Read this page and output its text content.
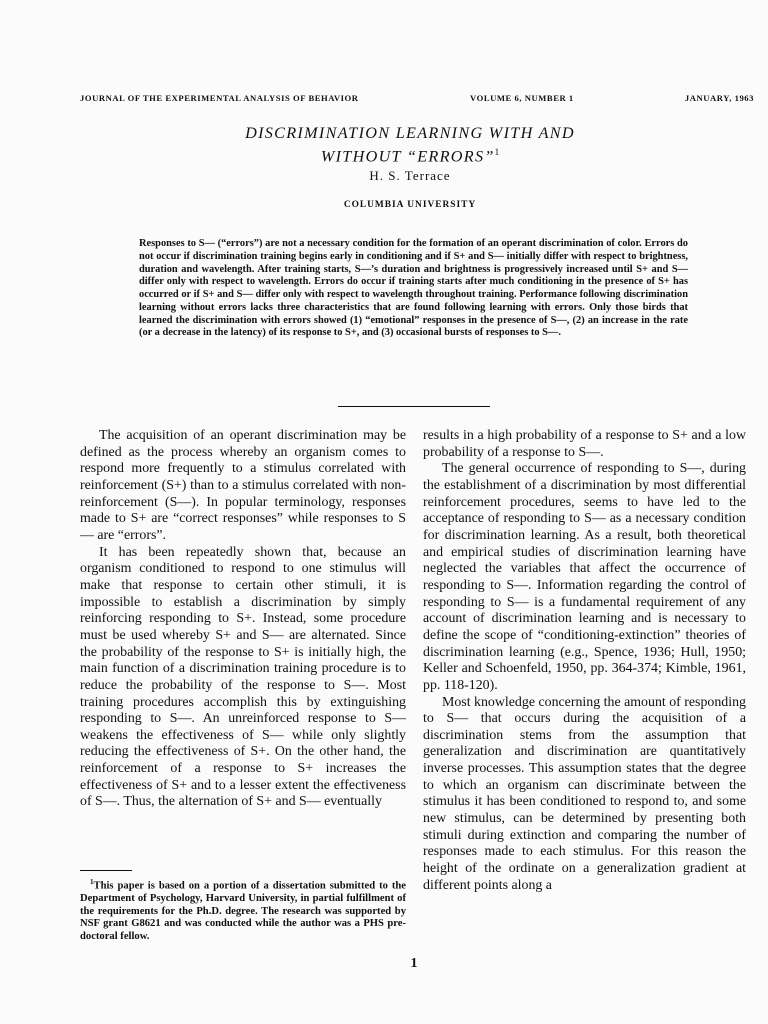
JOURNAL OF THE EXPERIMENTAL ANALYSIS OF BEHAVIOR	VOLUME 6, NUMBER 1	JANUARY, 1963
DISCRIMINATION LEARNING WITH AND
WITHOUT “ERRORS”$^1$
H. S. Terrace
COLUMBIA UNIVERSITY

Responses to S— (“errors”) are not a necessary condition for the formation of an operant discrimination of color. Errors do not occur if discrimination training begins early in conditioning and if S+ and S— initially differ with respect to brightness, duration and wavelength. After training starts, S—’s duration and brightness is progressively increased until S+ and S— differ only with respect to wavelength. Errors do occur if training starts after much conditioning in the presence of S+ has occurred or if S+ and S— differ only with respect to wavelength throughout training. Performance following discrimination learning without errors lacks three characteristics that are found following learning with errors. Only those birds that learned the discrimination with errors showed (1) “emotional” responses in the presence of S—, (2) an increase in the rate (or a decrease in the latency) of its response to S+, and (3) occasional bursts of responses to S—.

The acquisition of an operant discrimination may be defined as the process whereby an organism comes to respond more frequently to a stimulus correlated with reinforcement (S+) than to a stimulus correlated with nonreinforcement (S—). In popular terminology, responses made to S+ are “correct responses” while responses to S— are “errors”.

It has been repeatedly shown that, because an organism conditioned to respond to one stimulus will make that response to certain other stimuli, it is impossible to establish a discrimination by simply reinforcing responding to S+. Instead, some procedure must be used whereby S+ and S— are alternated. Since the probability of the response to S+ is initially high, the main function of a discrimination training procedure is to reduce the probability of the response to S—. Most training procedures accomplish this by extinguishing responding to S—. An unreinforced response to S— weakens the effectiveness of S— while only slightly reducing the effectiveness of S+. On the other hand, the reinforcement of a response to S+ increases the effectiveness of S+ and to a lesser extent the effectiveness of S—. Thus, the alternation of S+ and S— eventually

results in a high probability of a response to S+ and a low probability of a response to S—.

The general occurrence of responding to S—, during the establishment of a discrimination by most differential reinforcement procedures, seems to have led to the acceptance of responding to S— as a necessary condition for discrimination learning. As a result, both theoretical and empirical studies of discrimination learning have neglected the variables that affect the occurrence of responding to S—. Information regarding the control of responding to S— is a fundamental requirement of any account of discrimination learning and is necessary to define the scope of “conditioning-extinction” theories of discrimination learning (e.g., Spence, 1936; Hull, 1950; Keller and Schoenfeld, 1950, pp. 364-374; Kimble, 1961, pp. 118-120).

Most knowledge concerning the amount of responding to S— that occurs during the acquisition of a discrimination stems from the assumption that generalization and discrimination are quantitatively inverse processes. This assumption states that the degree to which an organism can discriminate between the stimulus it has been conditioned to respond to, and some new stimulus, can be determined by presenting both stimuli during extinction and comparing the number of responses made to each stimulus. For this reason the height of the ordinate on a generalization gradient at different points along a

$^1$This paper is based on a portion of a dissertation submitted to the Department of Psychology, Harvard University, in partial fulfillment of the requirements for the Ph.D. degree. The research was supported by NSF grant G8621 and was conducted while the author was a PHS pre-doctoral fellow.

1
